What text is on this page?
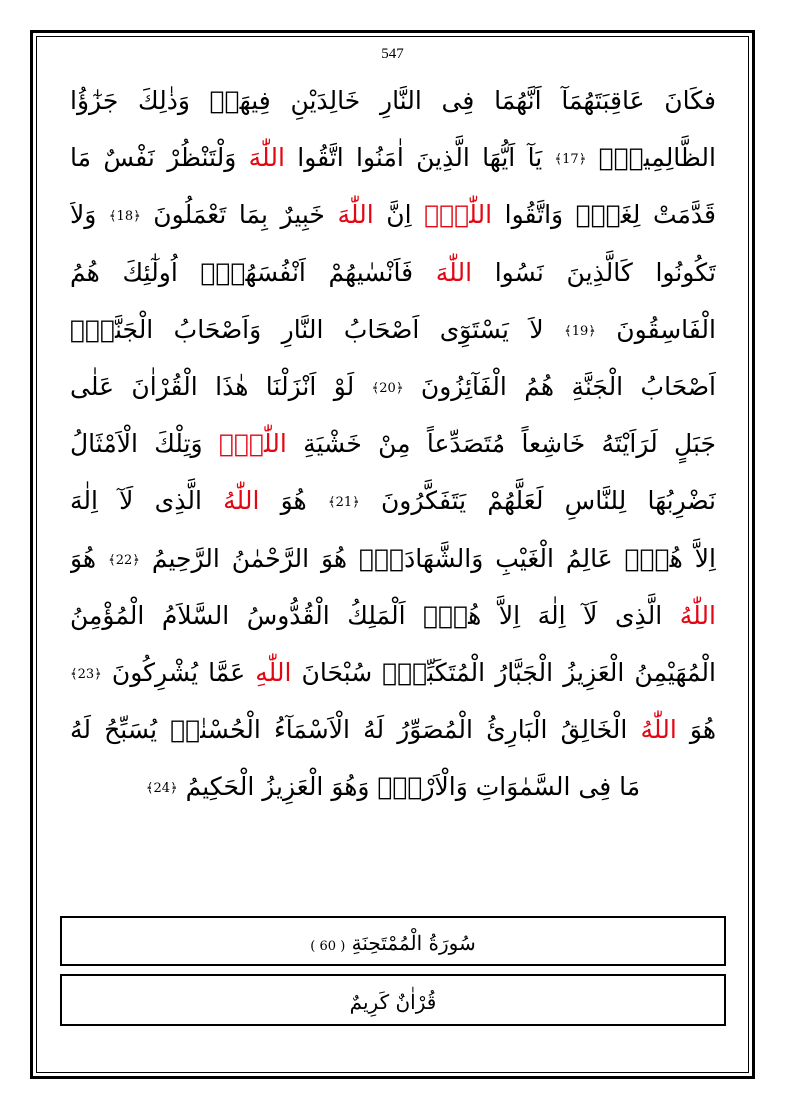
547
فكَانَ عَاقِبَتَهُمَآ اَنَّهُمَا فِى النَّارِ خَالِدَيْنِ فِيهَاۜ وَذٰلِكَ جَزٰٓؤُا
الظَّالِمِينَ۟ ﴿17﴾ يَآ اَيُّهَا الَّذِينَ اٰمَنُوا اتَّقُوا اللّٰهَ وَلْتَنْظُرْ نَفْسٌ مَا
قَدَّمَتْ لِغَدٍۚ وَاتَّقُوا اللّٰهَۜ اِنَّ اللّٰهَ خَبِيرٌ بِمَا تَعْمَلُونَ ﴿18﴾ وَلاَ
تَكُونُوا كَالَّذِينَ نَسُوا اللّٰهَ فَاَنْسٰيهُمْ اَنْفُسَهُمْۜ اُولٰٓئِكَ هُمُ
الْفَاسِقُونَ ﴿19﴾ لاَ يَسْتَوِٓى اَصْحَابُ النَّارِ وَاَصْحَابُ الْجَنَّةِۜ
اَصْحَابُ الْجَنَّةِ هُمُ الْفَآئِزُونَ ﴿20﴾ لَوْ اَنْزَلْنَا هٰذَا الْقُرْاٰنَ عَلٰى
جَبَلٍ لَرَاَيْتَهُ خَاشِعاً مُتَصَدِّعاً مِنْ خَشْيَةِ اللّٰهِۜ وَتِلْكَ الْاَمْثَالُ
نَضْرِبُهَا لِلنَّاسِ لَعَلَّهُمْ يَتَفَكَّرُونَ ﴿21﴾ هُوَ اللّٰهُ الَّذِى لَآ اِلٰهَ
اِلاَّ هُوَۚ عَالِمُ الْغَيْبِ وَالشَّهَادَةِۚ هُوَ الرَّحْمٰنُ الرَّحِيمُ ﴿22﴾ هُوَ
اللّٰهُ الَّذِى لَآ اِلٰهَ اِلاَّ هُوَۚ اَلْمَلِكُ الْقُدُّوسُ السَّلاَمُ الْمُؤْمِنُ
الْمُهَيْمِنُ الْعَزِيزُ الْجَبَّارُ الْمُتَكَبِّرُۜ سُبْحَانَ اللّٰهِ عَمَّا يُشْرِكُونَ ﴿23﴾
هُوَ اللّٰهُ الْخَالِقُ الْبَارِئُ الْمُصَوِّرُ لَهُ الْاَسْمَآءُ الْحُسْنٰىۜ يُسَبِّحُ لَهُ
مَا فِى السَّمٰوَاتِ وَالْاَرْضِۚ وَهُوَ الْعَزِيزُ الْحَكِيمُ ﴿24﴾
سُورَةُ الْمُمْتَحِنَةِ ( 60 )
قُرْاٰنٌ كَرِيمٌ
